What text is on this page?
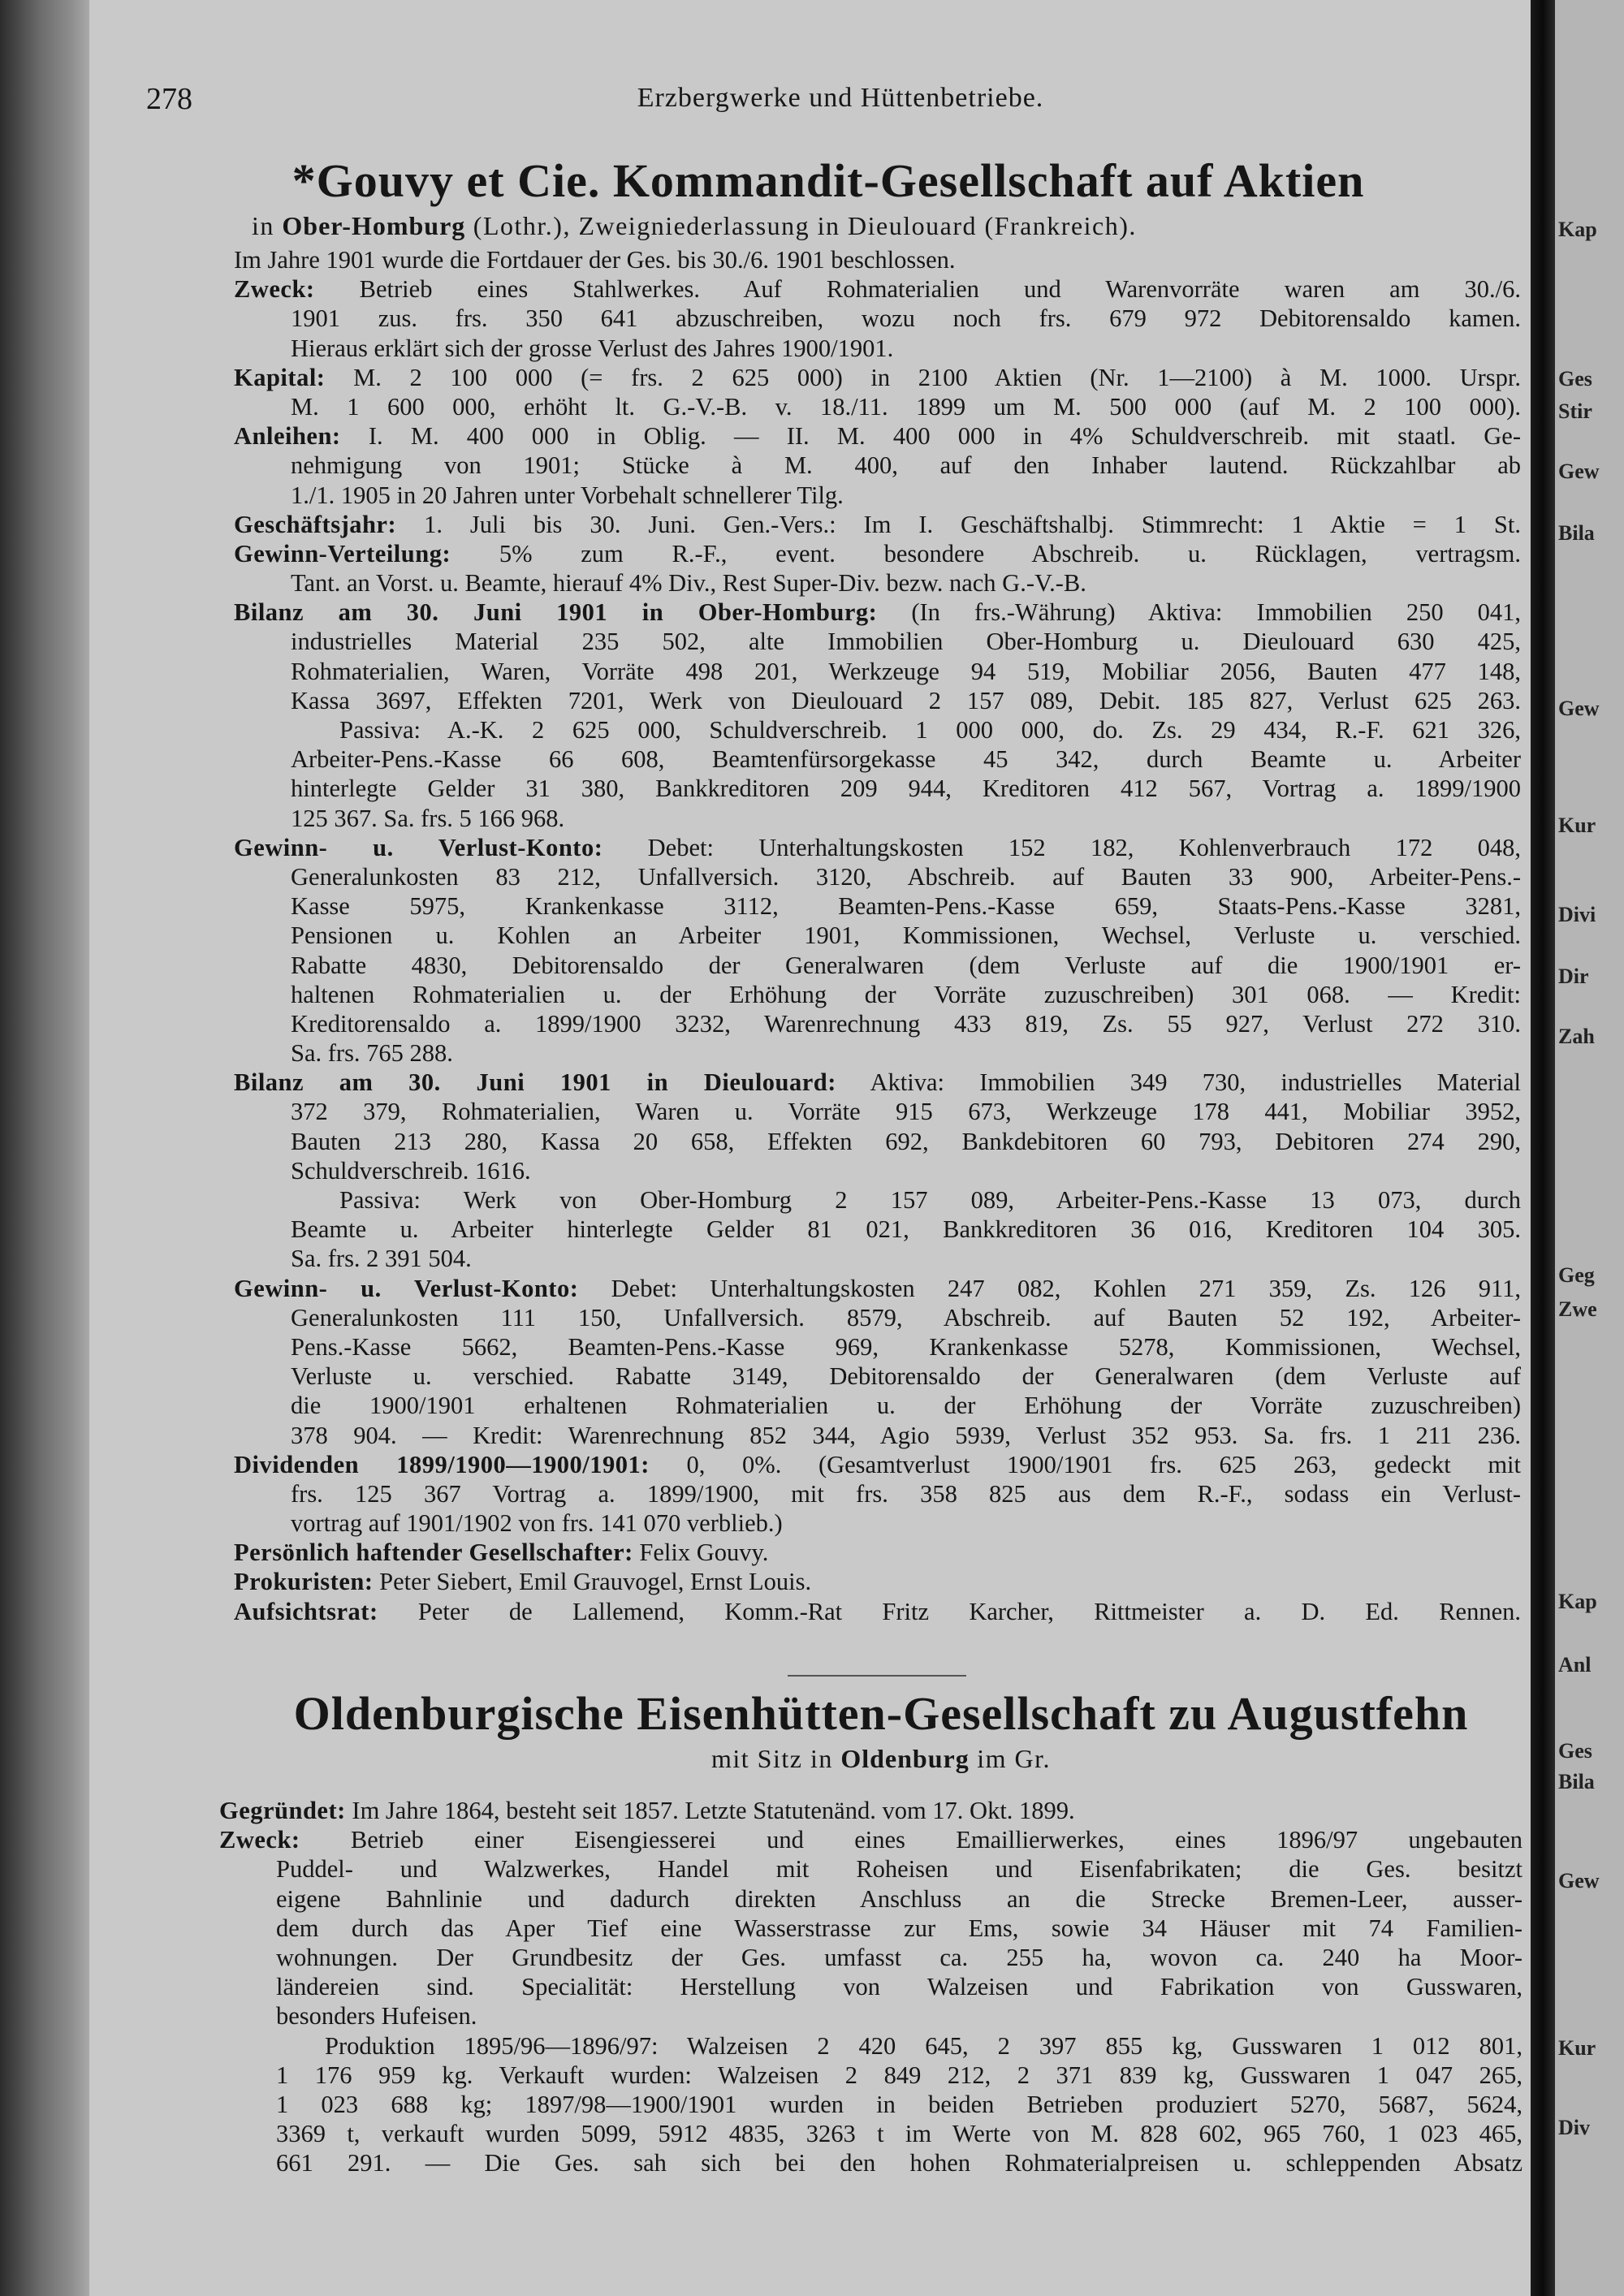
278	Erzbergwerke und Hüttenbetriebe.
*Gouvy et Cie. Kommandit-Gesellschaft auf Aktien
in Ober-Homburg (Lothr.), Zweigniederlassung in Dieulouard (Frankreich).
Im Jahre 1901 wurde die Fortdauer der Ges. bis 30./6. 1901 beschlossen.
Zweck: Betrieb eines Stahlwerkes. Auf Rohmaterialien und Warenvorräte waren am 30./6.
1901 zus. frs. 350 641 abzuschreiben, wozu noch frs. 679 972 Debitorensaldo kamen.
Hieraus erklärt sich der grosse Verlust des Jahres 1900/1901.
Kapital: M. 2 100 000 (= frs. 2 625 000) in 2100 Aktien (Nr. 1—2100) à M. 1000. Urspr.
M. 1 600 000, erhöht lt. G.-V.-B. v. 18./11. 1899 um M. 500 000 (auf M. 2 100 000).
Anleihen: I. M. 400 000 in Oblig. — II. M. 400 000 in 4% Schuldverschreib. mit staatl. Ge-
nehmigung von 1901; Stücke à M. 400, auf den Inhaber lautend. Rückzahlbar ab
1./1. 1905 in 20 Jahren unter Vorbehalt schnellerer Tilg.
Geschäftsjahr: 1. Juli bis 30. Juni. Gen.-Vers.: Im I. Geschäftshalbj. Stimmrecht: 1 Aktie = 1 St.
Gewinn-Verteilung: 5% zum R.-F., event. besondere Abschreib. u. Rücklagen, vertragsm.
Tant. an Vorst. u. Beamte, hierauf 4% Div., Rest Super-Div. bezw. nach G.-V.-B.
Bilanz am 30. Juni 1901 in Ober-Homburg: (In frs.-Währung) Aktiva: Immobilien 250 041,
industrielles Material 235 502, alte Immobilien Ober-Homburg u. Dieulouard 630 425,
Rohmaterialien, Waren, Vorräte 498 201, Werkzeuge 94 519, Mobiliar 2056, Bauten 477 148,
Kassa 3697, Effekten 7201, Werk von Dieulouard 2 157 089, Debit. 185 827, Verlust 625 263.
Passiva: A.-K. 2 625 000, Schuldverschreib. 1 000 000, do. Zs. 29 434, R.-F. 621 326,
Arbeiter-Pens.-Kasse 66 608, Beamtenfürsorgekasse 45 342, durch Beamte u. Arbeiter
hinterlegte Gelder 31 380, Bankkreditoren 209 944, Kreditoren 412 567, Vortrag a. 1899/1900
125 367. Sa. frs. 5 166 968.
Gewinn- u. Verlust-Konto: Debet: Unterhaltungskosten 152 182, Kohlenverbrauch 172 048,
Generalunkosten 83 212, Unfallversich. 3120, Abschreib. auf Bauten 33 900, Arbeiter-Pens.-
Kasse 5975, Krankenkasse 3112, Beamten-Pens.-Kasse 659, Staats-Pens.-Kasse 3281,
Pensionen u. Kohlen an Arbeiter 1901, Kommissionen, Wechsel, Verluste u. verschied.
Rabatte 4830, Debitorensaldo der Generalwaren (dem Verluste auf die 1900/1901 er-
haltenen Rohmaterialien u. der Erhöhung der Vorräte zuzuschreiben) 301 068. — Kredit:
Kreditorensaldo a. 1899/1900 3232, Warenrechnung 433 819, Zs. 55 927, Verlust 272 310.
Sa. frs. 765 288.
Bilanz am 30. Juni 1901 in Dieulouard: Aktiva: Immobilien 349 730, industrielles Material
372 379, Rohmaterialien, Waren u. Vorräte 915 673, Werkzeuge 178 441, Mobiliar 3952,
Bauten 213 280, Kassa 20 658, Effekten 692, Bankdebitoren 60 793, Debitoren 274 290,
Schuldverschreib. 1616.
Passiva: Werk von Ober-Homburg 2 157 089, Arbeiter-Pens.-Kasse 13 073, durch
Beamte u. Arbeiter hinterlegte Gelder 81 021, Bankkreditoren 36 016, Kreditoren 104 305.
Sa. frs. 2 391 504.
Gewinn- u. Verlust-Konto: Debet: Unterhaltungskosten 247 082, Kohlen 271 359, Zs. 126 911,
Generalunkosten 111 150, Unfallversich. 8579, Abschreib. auf Bauten 52 192, Arbeiter-
Pens.-Kasse 5662, Beamten-Pens.-Kasse 969, Krankenkasse 5278, Kommissionen, Wechsel,
Verluste u. verschied. Rabatte 3149, Debitorensaldo der Generalwaren (dem Verluste auf
die 1900/1901 erhaltenen Rohmaterialien u. der Erhöhung der Vorräte zuzuschreiben)
378 904. — Kredit: Warenrechnung 852 344, Agio 5939, Verlust 352 953. Sa. frs. 1 211 236.
Dividenden 1899/1900—1900/1901: 0, 0%. (Gesamtverlust 1900/1901 frs. 625 263, gedeckt mit
frs. 125 367 Vortrag a. 1899/1900, mit frs. 358 825 aus dem R.-F., sodass ein Verlust-
vortrag auf 1901/1902 von frs. 141 070 verblieb.)
Persönlich haftender Gesellschafter: Felix Gouvy.
Prokuristen: Peter Siebert, Emil Grauvogel, Ernst Louis.
Aufsichtsrat: Peter de Lallemend, Komm.-Rat Fritz Karcher, Rittmeister a. D. Ed. Rennen.
Oldenburgische Eisenhütten-Gesellschaft zu Augustfehn
mit Sitz in Oldenburg im Gr.
Gegründet: Im Jahre 1864, besteht seit 1857. Letzte Statutenänd. vom 17. Okt. 1899.
Zweck: Betrieb einer Eisengiesserei und eines Emaillierwerkes, eines 1896/97 ungebauten
Puddel- und Walzwerkes, Handel mit Roheisen und Eisenfabrikaten; die Ges. besitzt
eigene Bahnlinie und dadurch direkten Anschluss an die Strecke Bremen-Leer, ausser-
dem durch das Aper Tief eine Wasserstrasse zur Ems, sowie 34 Häuser mit 74 Familien-
wohnungen. Der Grundbesitz der Ges. umfasst ca. 255 ha, wovon ca. 240 ha Moor-
ländereien sind. Specialität: Herstellung von Walzeisen und Fabrikation von Gusswaren,
besonders Hufeisen.
Produktion 1895/96—1896/97: Walzeisen 2 420 645, 2 397 855 kg, Gusswaren 1 012 801,
1 176 959 kg. Verkauft wurden: Walzeisen 2 849 212, 2 371 839 kg, Gusswaren 1 047 265,
1 023 688 kg; 1897/98—1900/1901 wurden in beiden Betrieben produziert 5270, 5687, 5624,
3369 t, verkauft wurden 5099, 5912 4835, 3263 t im Werte von M. 828 602, 965 760, 1 023 465,
661 291. — Die Ges. sah sich bei den hohen Rohmaterialpreisen u. schleppenden Absatz
Kap
Ges
Stir
Gew
Bila
Gew
Kur
Divi
Dir
Zah
Geg
Zwe
Kap
Anl
Ges
Bila
Gew
Kur
Div
